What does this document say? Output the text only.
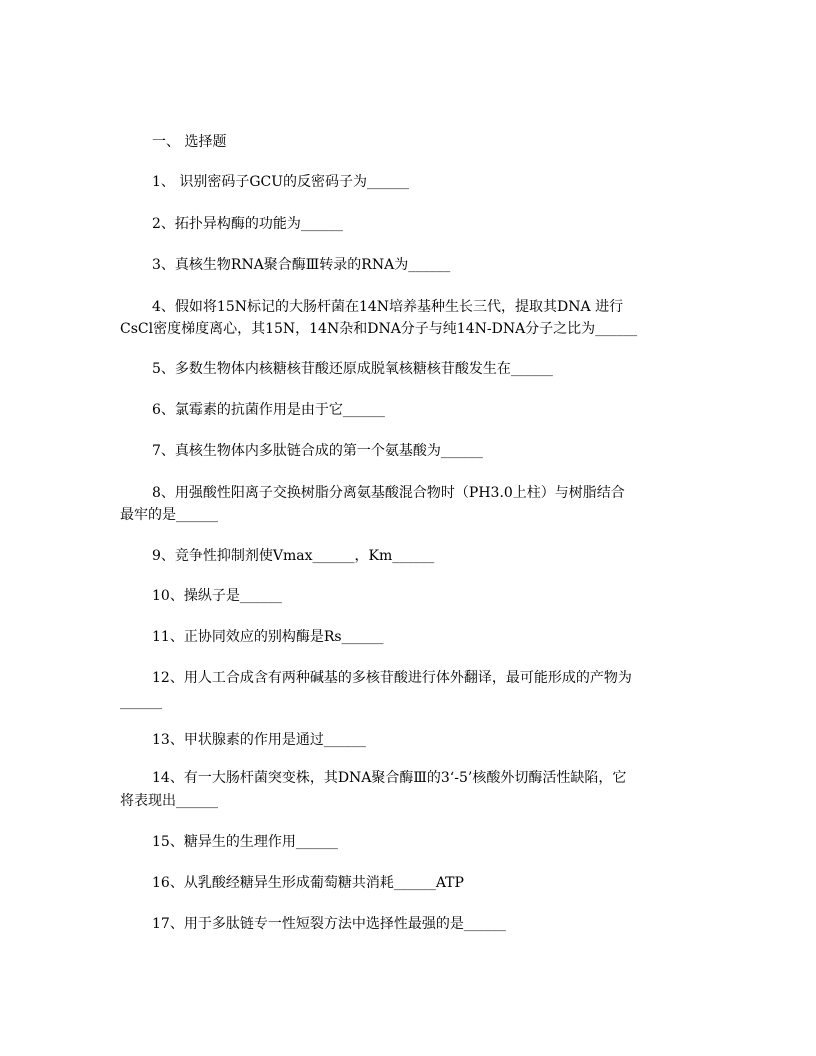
一、 选择题
1、 识别密码子GCU的反密码子为______
2、拓扑异构酶的功能为______
3、真核生物RNA聚合酶Ⅲ转录的RNA为______
4、假如将15N标记的大肠杆菌在14N培养基种生长三代，提取其DNA 进行
CsCl密度梯度离心，其15N，14N杂和DNA分子与纯14N-DNA分子之比为______
5、多数生物体内核糖核苷酸还原成脱氧核糖核苷酸发生在______
6、氯霉素的抗菌作用是由于它______
7、真核生物体内多肽链合成的第一个氨基酸为______
8、用强酸性阳离子交换树脂分离氨基酸混合物时（PH3.0上柱）与树脂结合
最牢的是______
9、竞争性抑制剂使Vmax______，Km______
10、操纵子是______
11、正协同效应的别构酶是Rs______
12、用人工合成含有两种碱基的多核苷酸进行体外翻译，最可能形成的产物为
______
13、甲状腺素的作用是通过______
14、有一大肠杆菌突变株，其DNA聚合酶Ⅲ的3‘-5’核酸外切酶活性缺陷，它
将表现出______
15、糖异生的生理作用______
16、从乳酸经糖异生形成葡萄糖共消耗______ATP
17、用于多肽链专一性短裂方法中选择性最强的是______
